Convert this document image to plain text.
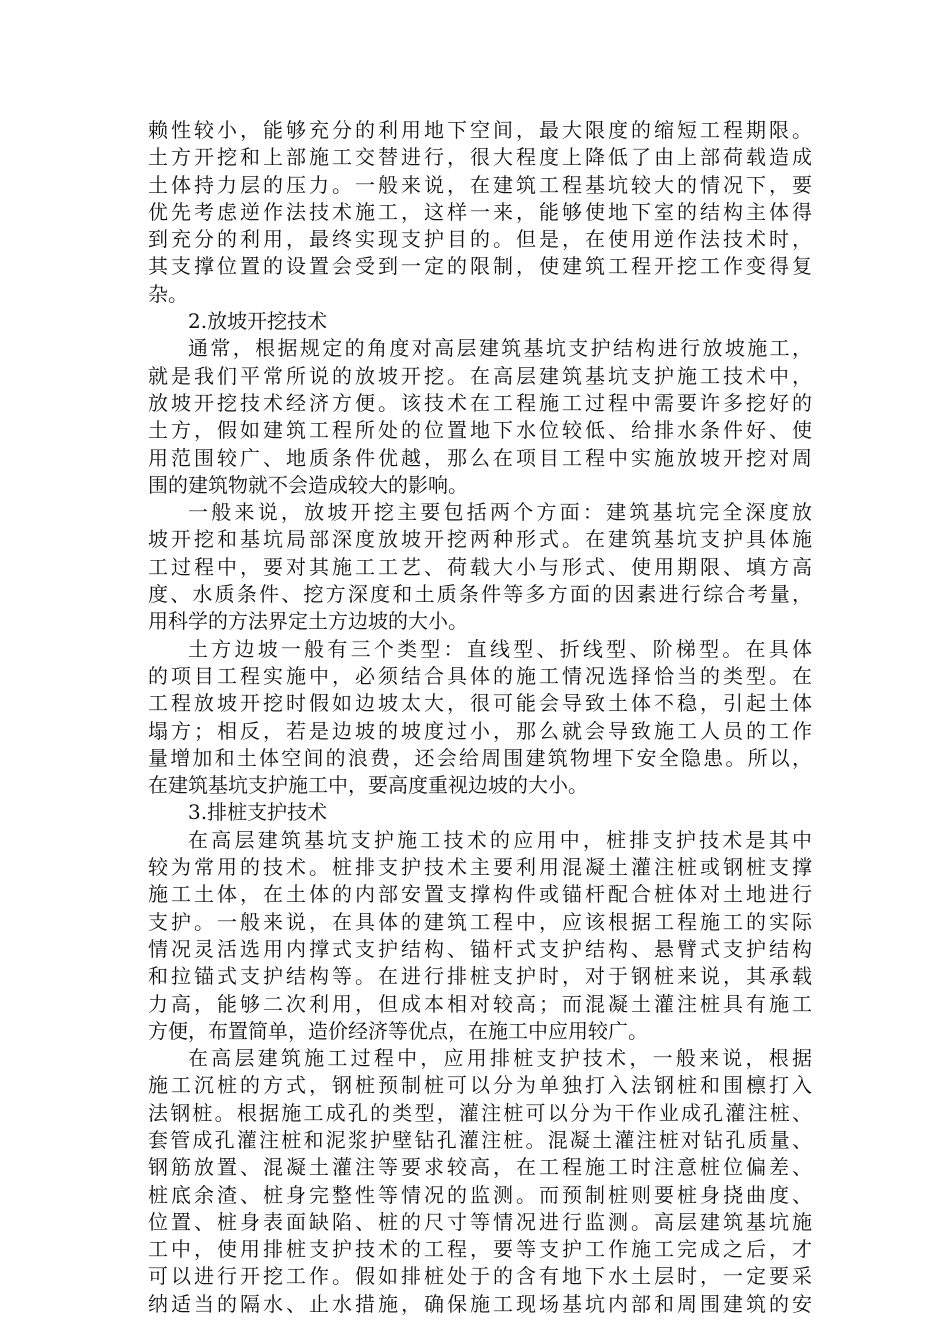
赖性较小，能够充分的利用地下空间，最大限度的缩短工程期限。
土方开挖和上部施工交替进行，很大程度上降低了由上部荷载造成
土体持力层的压力。一般来说，在建筑工程基坑较大的情况下，要
优先考虑逆作法技术施工，这样一来，能够使地下室的结构主体得
到充分的利用，最终实现支护目的。但是，在使用逆作法技术时，
其支撑位置的设置会受到一定的限制，使建筑工程开挖工作变得复
杂。

2.放坡开挖技术

通常，根据规定的角度对高层建筑基坑支护结构进行放坡施工，
就是我们平常所说的放坡开挖。在高层建筑基坑支护施工技术中，
放坡开挖技术经济方便。该技术在工程施工过程中需要许多挖好的
土方，假如建筑工程所处的位置地下水位较低、给排水条件好、使
用范围较广、地质条件优越，那么在项目工程中实施放坡开挖对周
围的建筑物就不会造成较大的影响。

一般来说，放坡开挖主要包括两个方面：建筑基坑完全深度放
坡开挖和基坑局部深度放坡开挖两种形式。在建筑基坑支护具体施
工过程中，要对其施工工艺、荷载大小与形式、使用期限、填方高
度、水质条件、挖方深度和土质条件等多方面的因素进行综合考量，
用科学的方法界定土方边坡的大小。

土方边坡一般有三个类型：直线型、折线型、阶梯型。在具体
的项目工程实施中，必须结合具体的施工情况选择恰当的类型。在
工程放坡开挖时假如边坡太大，很可能会导致土体不稳，引起土体
塌方；相反，若是边坡的坡度过小，那么就会导致施工人员的工作
量增加和土体空间的浪费，还会给周围建筑物埋下安全隐患。所以，
在建筑基坑支护施工中，要高度重视边坡的大小。

3.排桩支护技术

在高层建筑基坑支护施工技术的应用中，桩排支护技术是其中
较为常用的技术。桩排支护技术主要利用混凝土灌注桩或钢桩支撑
施工土体，在土体的内部安置支撑构件或锚杆配合桩体对土地进行
支护。一般来说，在具体的建筑工程中，应该根据工程施工的实际
情况灵活选用内撑式支护结构、锚杆式支护结构、悬臂式支护结构
和拉锚式支护结构等。在进行排桩支护时，对于钢桩来说，其承载
力高，能够二次利用，但成本相对较高；而混凝土灌注桩具有施工
方便，布置简单，造价经济等优点，在施工中应用较广。

在高层建筑施工过程中，应用排桩支护技术，一般来说，根据
施工沉桩的方式，钢桩预制桩可以分为单独打入法钢桩和围檩打入
法钢桩。根据施工成孔的类型，灌注桩可以分为干作业成孔灌注桩、
套管成孔灌注桩和泥浆护壁钻孔灌注桩。混凝土灌注桩对钻孔质量、
钢筋放置、混凝土灌注等要求较高，在工程施工时注意桩位偏差、
桩底余渣、桩身完整性等情况的监测。而预制桩则要桩身挠曲度、
位置、桩身表面缺陷、桩的尺寸等情况进行监测。高层建筑基坑施
工中，使用排桩支护技术的工程，要等支护工作施工完成之后，才
可以进行开挖工作。假如排桩处于的含有地下水土层时，一定要采
纳适当的隔水、止水措施，确保施工现场基坑内部和周围建筑的安
